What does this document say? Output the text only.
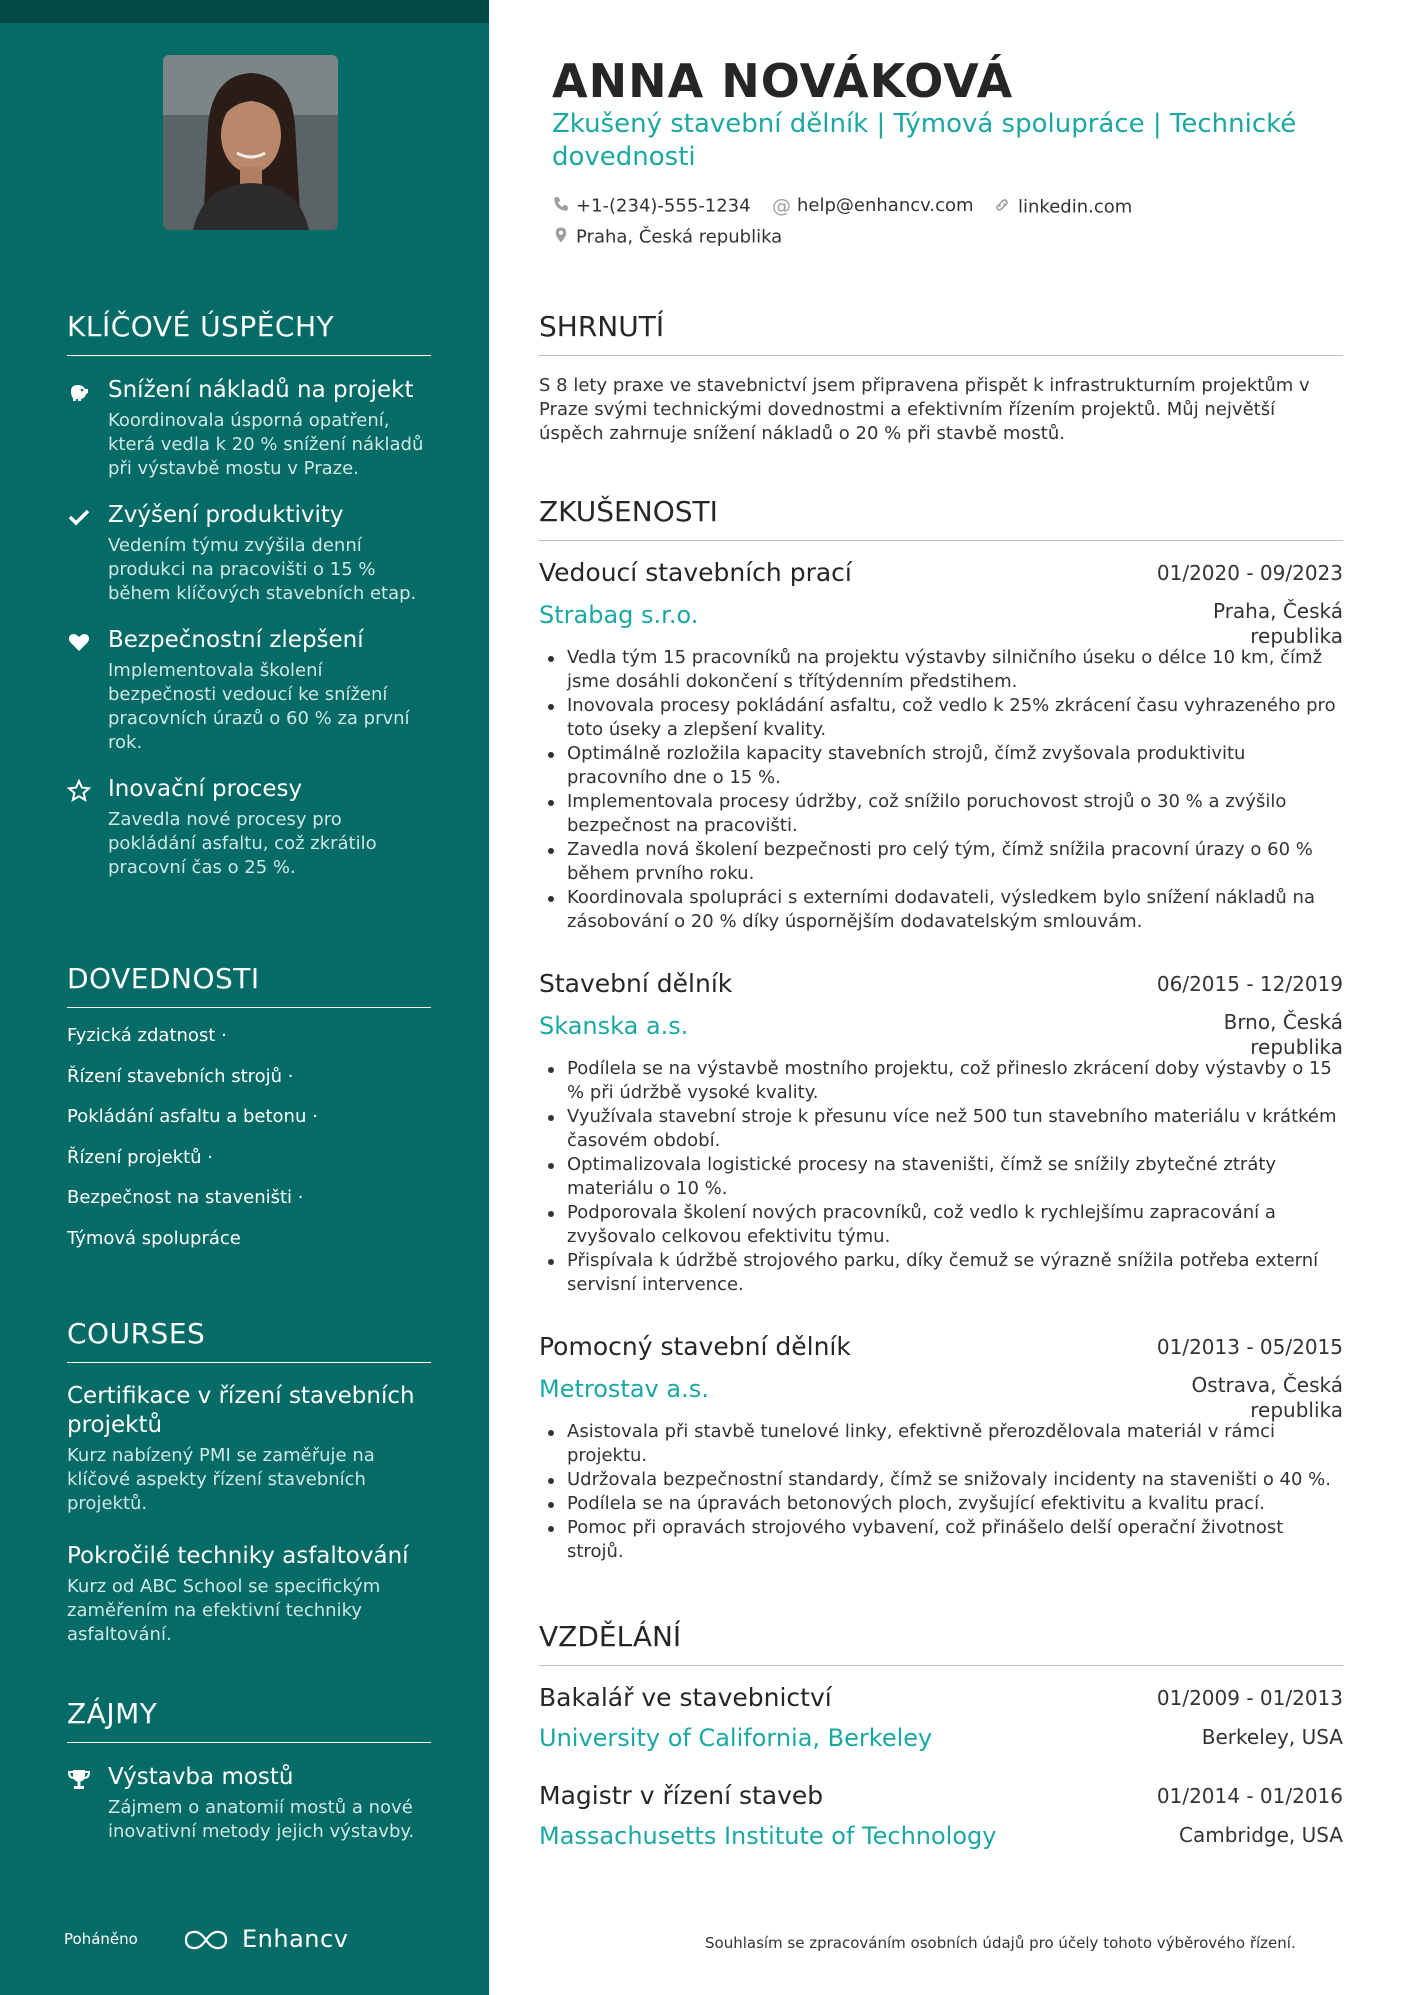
KLÍČOVÉ ÚSPĚCHY
Snížení nákladů na projekt
Koordinovala úsporná opatření, která vedla k 20 % snížení nákladů při výstavbě mostu v Praze.
Zvýšení produktivity
Vedením týmu zvýšila denní produkci na pracovišti o 15 % během klíčových stavebních etap.
Bezpečnostní zlepšení
Implementovala školení bezpečnosti vedoucí ke snížení pracovních úrazů o 60 % za první rok.
Inovační procesy
Zavedla nové procesy pro pokládání asfaltu, což zkrátilo pracovní čas o 25 %.
DOVEDNOSTI
Fyzická zdatnost ·
Řízení stavebních strojů ·
Pokládání asfaltu a betonu ·
Řízení projektů ·
Bezpečnost na staveništi ·
Týmová spolupráce
COURSES
Certifikace v řízení stavebních projektů
Kurz nabízený PMI se zaměřuje na klíčové aspekty řízení stavebních projektů.
Pokročilé techniky asfaltování
Kurz od ABC School se specifickým zaměřením na efektivní techniky asfaltování.
ZÁJMY
Výstavba mostů
Zájmem o anatomií mostů a nové inovativní metody jejich výstavby.
Poháněno	Enhancv
ANNA NOVÁKOVÁ
Zkušený stavební dělník | Týmová spolupráce | Technické dovednosti
+1-(234)-555-1234 @ help@enhancv.com	linkedin.com
Praha, Česká republika
SHRNUTÍ
S 8 lety praxe ve stavebnictví jsem připravena přispět k infrastrukturním projektům v Praze svými technickými dovednostmi a efektivním řízením projektů. Můj největší úspěch zahrnuje snížení nákladů o 20 % při stavbě mostů.
ZKUŠENOSTI
Vedoucí stavebních prací	01/2020 - 09/2023
Strabag s.r.o.	Praha, Česká republika
Vedla tým 15 pracovníků na projektu výstavby silničního úseku o délce 10 km, čímž jsme dosáhli dokončení s třítýdenním předstihem.
Inovovala procesy pokládání asfaltu, což vedlo k 25% zkrácení času vyhrazeného pro toto úseky a zlepšení kvality.
Optimálně rozložila kapacity stavebních strojů, čímž zvyšovala produktivitu pracovního dne o 15 %.
Implementovala procesy údržby, což snížilo poruchovost strojů o 30 % a zvýšilo bezpečnost na pracovišti.
Zavedla nová školení bezpečnosti pro celý tým, čímž snížila pracovní úrazy o 60 % během prvního roku.
Koordinovala spolupráci s externími dodavateli, výsledkem bylo snížení nákladů na zásobování o 20 % díky úspornějším dodavatelským smlouvám.
Stavební dělník	06/2015 - 12/2019
Skanska a.s.	Brno, Česká republika
Podílela se na výstavbě mostního projektu, což přineslo zkrácení doby výstavby o 15 % při údržbě vysoké kvality.
Využívala stavební stroje k přesunu více než 500 tun stavebního materiálu v krátkém časovém období.
Optimalizovala logistické procesy na staveništi, čímž se snížily zbytečné ztráty materiálu o 10 %.
Podporovala školení nových pracovníků, což vedlo k rychlejšímu zapracování a zvyšovalo celkovou efektivitu týmu.
Přispívala k údržbě strojového parku, díky čemuž se výrazně snížila potřeba externí servisní intervence.
Pomocný stavební dělník	01/2013 - 05/2015
Metrostav a.s.	Ostrava, Česká republika
Asistovala při stavbě tunelové linky, efektivně přerozdělovala materiál v rámci projektu.
Udržovala bezpečnostní standardy, čímž se snižovaly incidenty na staveništi o 40 %.
Podílela se na úpravách betonových ploch, zvyšující efektivitu a kvalitu prací.
Pomoc při opravách strojového vybavení, což přinášelo delší operační životnost strojů.
VZDĚLÁNÍ
Bakalář ve stavebnictví	01/2009 - 01/2013
University of California, Berkeley	Berkeley, USA
Magistr v řízení staveb	01/2014 - 01/2016
Massachusetts Institute of Technology	Cambridge, USA
Souhlasím se zpracováním osobních údajů pro účely tohoto výběrového řízení.
